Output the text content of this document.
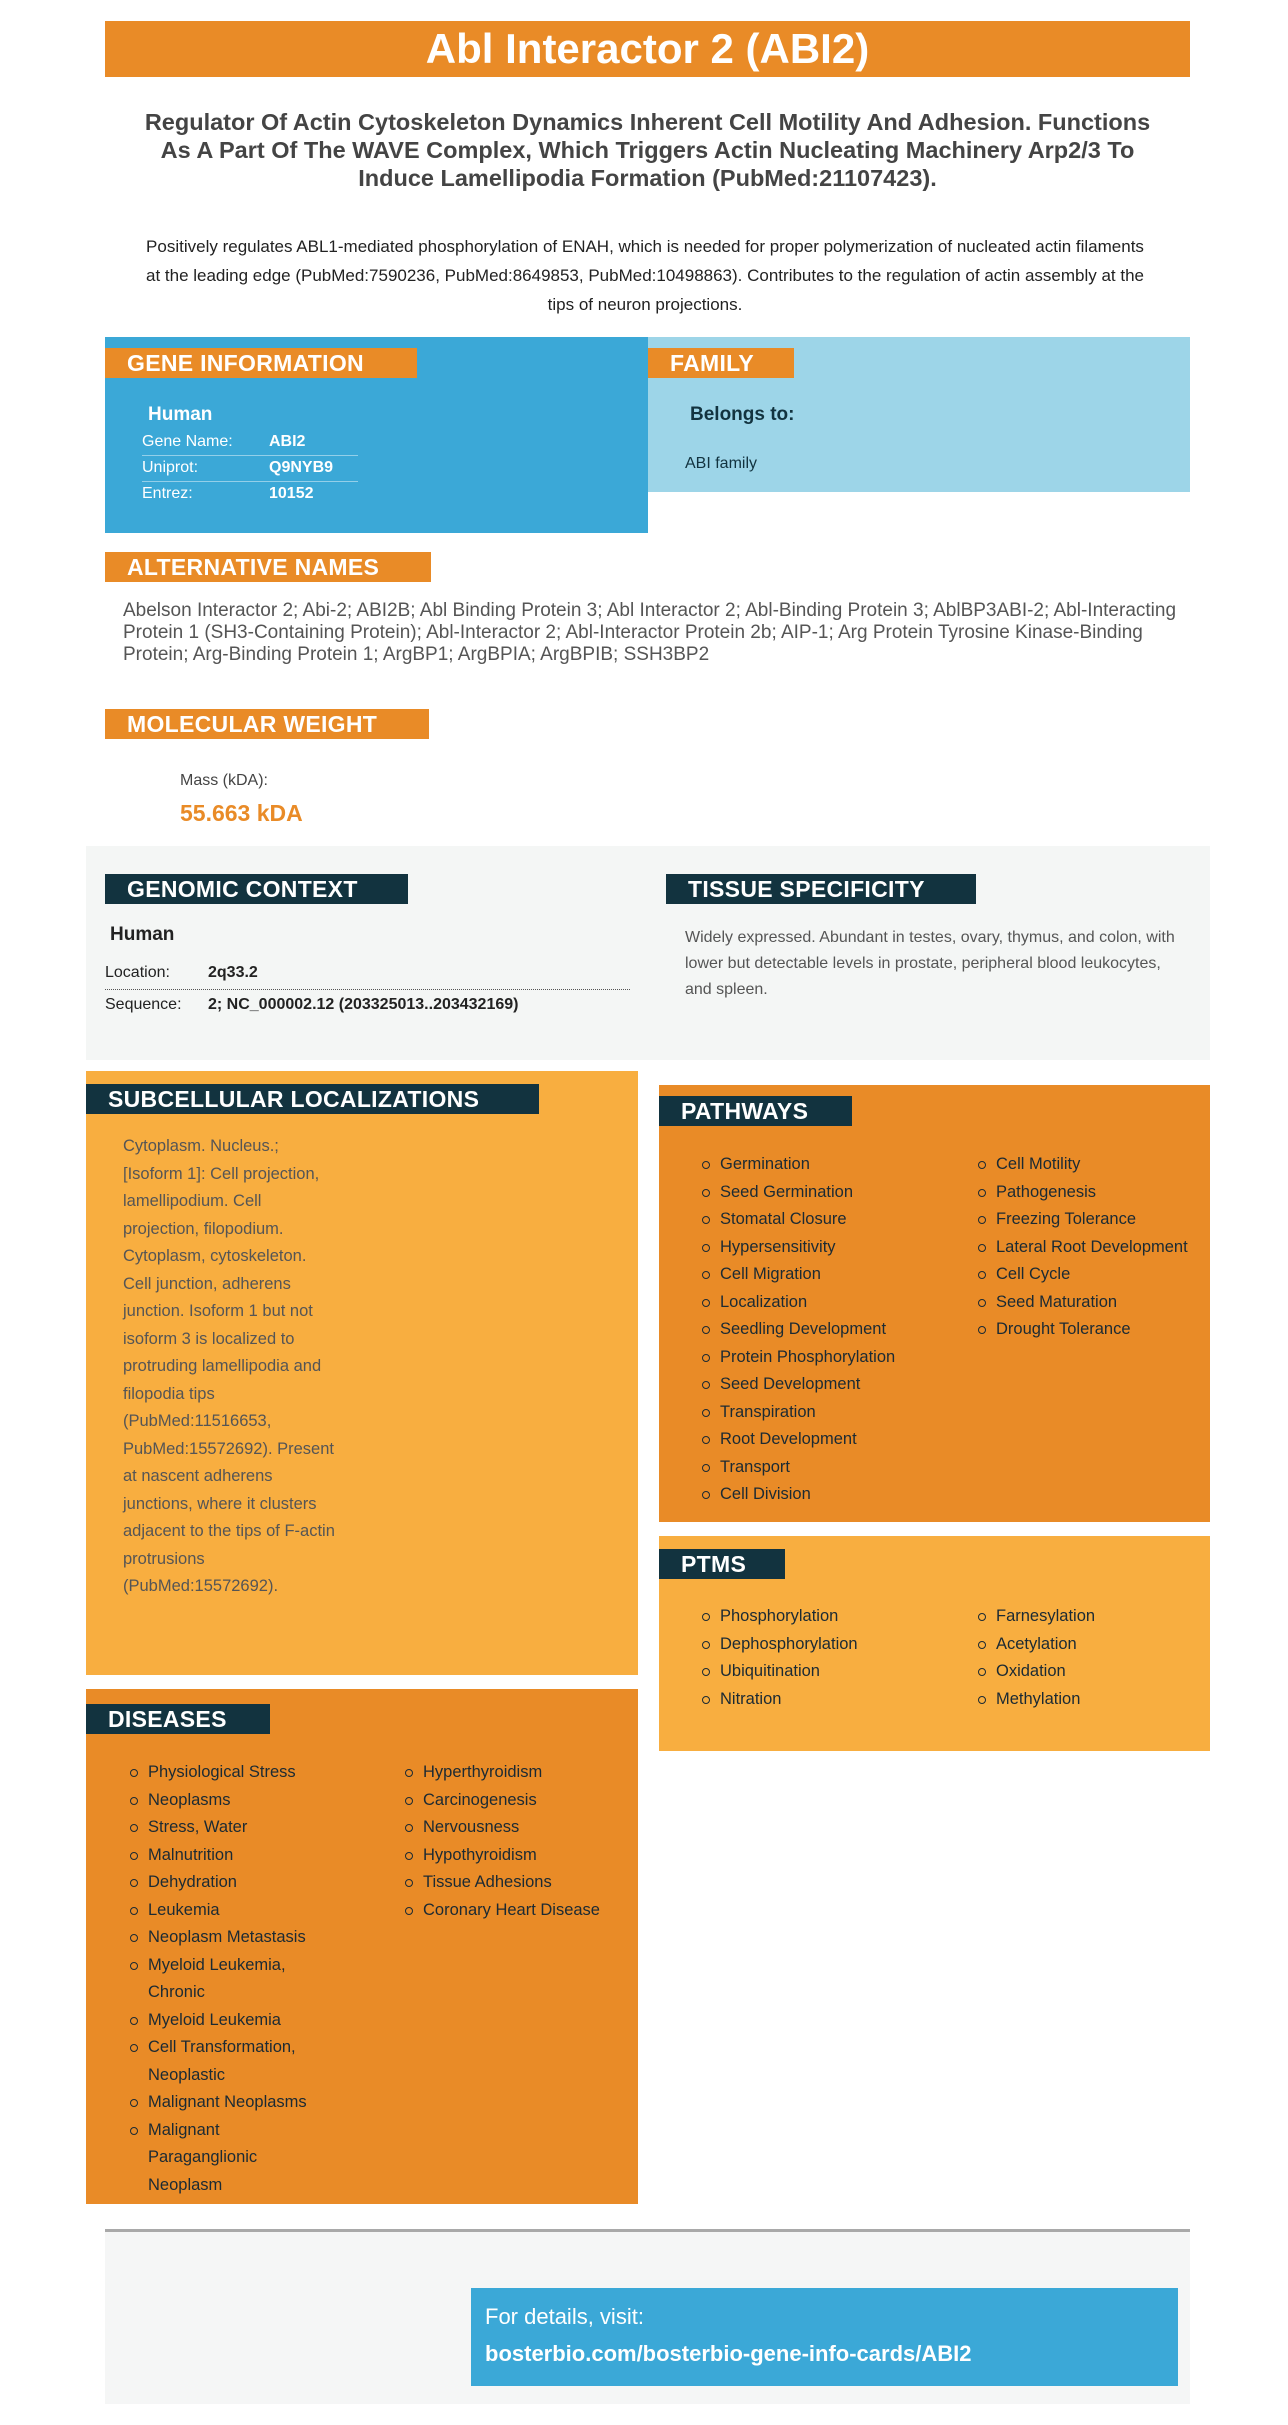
Abl Interactor 2 (ABI2)
Regulator Of Actin Cytoskeleton Dynamics Inherent Cell Motility And Adhesion. Functions As A Part Of The WAVE Complex, Which Triggers Actin Nucleating Machinery Arp2/3 To Induce Lamellipodia Formation (PubMed:21107423).
Positively regulates ABL1-mediated phosphorylation of ENAH, which is needed for proper polymerization of nucleated actin filaments at the leading edge (PubMed:7590236, PubMed:8649853, PubMed:10498863). Contributes to the regulation of actin assembly at the tips of neuron projections.
GENE INFORMATION
Human
Gene Name: ABI2
Uniprot:	Q9NYB9
Entrez:	10152
FAMILY
Belongs to:
ABI family
ALTERNATIVE NAMES
Abelson Interactor 2; Abi-2; ABI2B; Abl Binding Protein 3; Abl Interactor 2; Abl-Binding Protein 3; AblBP3ABI-2; Abl-Interacting Protein 1 (SH3-Containing Protein); Abl-Interactor 2; Abl-Interactor Protein 2b; AIP-1; Arg Protein Tyrosine Kinase-Binding Protein; Arg-Binding Protein 1; ArgBP1; ArgBPIA; ArgBPIB; SSH3BP2
MOLECULAR WEIGHT
Mass (kDA):
55.663 kDA
GENOMIC CONTEXT
Human
Location: 2q33.2
Sequence: 2; NC_000002.12 (203325013..203432169)
TISSUE SPECIFICITY
Widely expressed. Abundant in testes, ovary, thymus, and colon, with lower but detectable levels in prostate, peripheral blood leukocytes, and spleen.
SUBCELLULAR LOCALIZATIONS
Cytoplasm. Nucleus.; [Isoform 1]: Cell projection, lamellipodium. Cell projection, filopodium. Cytoplasm, cytoskeleton. Cell junction, adherens junction. Isoform 1 but not isoform 3 is localized to protruding lamellipodia and filopodia tips (PubMed:11516653, PubMed:15572692). Present at nascent adherens junctions, where it clusters adjacent to the tips of F-actin protrusions (PubMed:15572692).
PATHWAYS
Germination
Seed Germination
Stomatal Closure
Hypersensitivity
Cell Migration
Localization
Seedling Development
Protein Phosphorylation
Seed Development
Transpiration
Root Development
Transport
Cell Division
Cell Motility
Pathogenesis
Freezing Tolerance
Lateral Root Development
Cell Cycle
Seed Maturation
Drought Tolerance
PTMS
Phosphorylation
Dephosphorylation
Ubiquitination
Nitration
Farnesylation
Acetylation
Oxidation
Methylation
DISEASES
Physiological Stress
Neoplasms
Stress, Water
Malnutrition
Dehydration
Leukemia
Neoplasm Metastasis
Myeloid Leukemia, Chronic
Myeloid Leukemia
Cell Transformation, Neoplastic
Malignant Neoplasms
Malignant Paraganglionic Neoplasm
Hyperthyroidism
Carcinogenesis
Nervousness
Hypothyroidism
Tissue Adhesions
Coronary Heart Disease
For details, visit:
bosterbio.com/bosterbio-gene-info-cards/ABI2
